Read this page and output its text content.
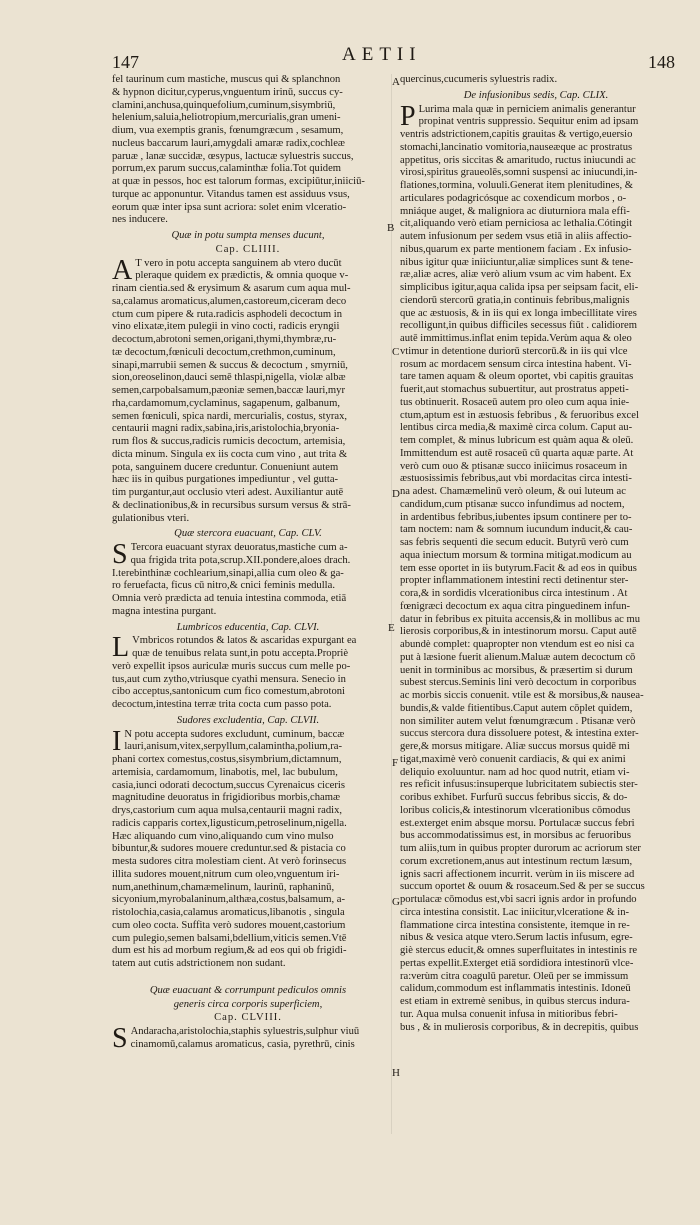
147	AETII	148
fel taurinum cum mastiche, muscus qui & splanchnon
& hypnon dicitur,cyperus,vnguentum irinū, succus cy-
clamini,anchusa,quinquefolium,cuminum,sisymbriū,
helenium,saluia,heliotropium,mercurialis,gran umeni-
dium, vua exemptis granis, fœnumgræcum , sesamum,
nucleus baccarum lauri,amygdali amaræ radix,cochleæ
paruæ , lanæ succidæ, œsypus, lactucæ syluestris succus,
porrum,ex parum succus,calaminthæ folia.Tot quidem
at quæ in pessos, hoc est talorum formas, excipiūtur,iniiciū-
turque ac apponuntur. Vitandus tamen est assiduus vsus,
eorum quæ inter ipsa sunt acriora: solet enim vlceratio-
nes inducere.
Quæ in potu sumpta menses ducunt,
Cap. CLIIII.
A T vero in potu accepta sanguinem ab vtero ducūt
pleraque quidem ex prædictis, & omnia quoque v-
rinam cientia.sed & erysimum & asarum cum aqua mul-
sa,calamus aromaticus,alumen,castoreum,ciceram deco
ctum cum pipere & ruta.radicis asphodeli decoctum in
vino elixatæ,item pulegii in vino cocti, radicis eryngii
decoctum,abrotoni semen,origani,thymi,thymbræ,ru-
tæ decoctum,fœniculi decoctum,crethmon,cuminum,
sinapi,marrubii semen & succus & decoctum , smyrniū,
sion,oreoselinon,dauci semē thlaspi,nigella, violæ albæ
semen,carpobalsamum,pæoniæ semen,baccæ lauri,myr
rha,cardamomum,cyclaminus, sagapenum, galbanum,
semen fœniculi, spica nardi, mercurialis, costus, styrax,
centaurii magni radix,sabina,iris,aristolochia,bryonia-
rum flos & succus,radicis rumicis decoctum, artemisia,
dicta minum. Singula ex iis cocta cum vino , aut trita &
pota, sanguinem ducere creduntur. Conueniunt autem
hæc iis in quibus purgationes impediuntur , vel gutta-
tim purgantur,aut occlusio vteri adest. Auxiliantur autē
& declinationibus,& in recursibus sursum versus & strā-
gulationibus vteri.
Quæ stercora euacuant, Cap. CLV.
S Tercora euacuant styrax deuoratus,mastiche cum a-
qua frigida trita pota,scrup.XII.pondere,aloes drach.
I.terebinthinæ cochlearium,sinapi,allia cum oleo & ga-
ro feruefacta, ficus cū nitro,& cnici feminis medulla.
Omnia verò prædicta ad tenuia intestina commoda, etiā
magna intestina purgant.
Lumbricos educentia, Cap. CLVI.
L Vmbricos rotundos & latos & ascaridas expurgant ea
quæ de tenuibus relata sunt,in potu accepta.Propriè
verò expellit ipsos auriculæ muris succus cum melle po-
tus,aut cum zytho,vtriusque cyathi mensura. Senecio in
cibo acceptus,santonicum cum fico comestum,abrotoni
decoctum,intestina terræ trita cocta cum passo pota.
Sudores excludentia, Cap. CLVII.
I N potu accepta sudores excludunt, cuminum, baccæ
lauri,anisum,vitex,serpyllum,calamintha,polium,ra-
phani cortex comestus,costus,sisymbrium,dictamnum,
artemisia, cardamomum, linabotis, mel, lac bubulum,
casia,iunci odorati decoctum,succus Cyrenaicus ciceris
magnitudine deuoratus in frigidioribus morbis,chamæ
drys,castorium cum aqua mulsa,centaurii magni radix,
radicis capparis cortex,ligusticum,petroselinum,nigella.
Hæc aliquando cum vino,aliquando cum vino mulso
bibuntur,& sudores mouere creduntur.sed & pistacia co
mesta sudores citra molestiam cient. At verò forinsecus
illita sudores mouent,nitrum cum oleo,vnguentum iri-
num,anethinum,chamæmelinum, laurinū, raphaninū,
sicyonium,myrobalaninum,althæa,costus,balsamum, a-
ristolochia,casia,calamus aromaticus,libanotis , singula
cum oleo cocta. Suffita verò sudores mouent,castorium
cum pulegio,semen balsami,bdellium,viticis semen.Vtē
dum est his ad morbum regium,& ad eos qui ob frigidi-
tatem aut cutis adstrictionem non sudant.
Quæ euacuant & corrumpunt pediculos omnis
generis circa corporis superficiem,
Cap. CLVIII.
S Andaracha,aristolochia,staphis syluestris,sulphur viuū
cinamomū,calamus aromaticus, casia, pyrethrū, cinis
quercinus,cucumeris syluestris radix.
De infusionibus sedis, Cap. CLIX.
P Lurima mala quæ in perniciem animalis generantur
propinat ventris suppressio. Sequitur enim ad ipsam
ventris adstrictionem,capitis grauitas & vertigo,euersio
stomachi,lancinatio vomitoria,nauseæque ac prostratus
appetitus, oris siccitas & amaritudo, ructus iniucundi ac
virosi,spiritus graueolēs,somni suspensi ac iniucundi,in-
flationes,tormina, voluuli.Generat item plenitudines, &
articulares podagricósque ac coxendicum morbos , o-
mniáque auget, & maligniora ac diuturniora mala effi-
cit,aliquando verò etiam perniciosa ac lethalia.Cótingit
autem infusionum per sedem vsus etiā in aliis affectio-
nibus,quarum ex parte mentionem faciam . Ex infusio-
nibus igitur quæ iniiciuntur,aliæ simplices sunt & tene-
ræ,aliæ acres, aliæ verò alium vsum ac vim habent. Ex
simplicibus igitur,aqua calida ipsa per seipsam facit, eli-
ciendorū stercorū gratia,in continuis febribus,malignis
que ac æstuosis, & in iis qui ex longa imbecillitate vires
recolligunt,in quibus difficiles secessus fiūt . calidiorem
autē immittimus.inflat enim tepida.Verùm aqua & oleo
vtimur in detentione duriorū stercorū.& in iis qui vlce
rosum ac mordacem sensum circa intestina habent. Vi-
tare tamen aquam & oleum oportet, vbi capitis grauitas
fuerit,aut stomachus subuertitur, aut prostratus appeti-
tus obtinuerit. Rosaceū autem pro oleo cum aqua inie-
ctum,aptum est in æstuosis febribus , & feruoribus excel
lentibus circa media,& maximè circa colum. Caput au-
tem complet, & minus lubricum est quàm aqua & oleū.
Immittendum est autē rosaceū cū quarta aquæ parte. At
verò cum ouo & ptisanæ succo iniicimus rosaceum in
æstuosissimis febribus,aut vbi mordacitas circa intesti-
na adest. Chamæmelinū verò oleum, & oui luteum ac
candidum,cum ptisanæ succo infundimus ad noctem,
in ardentibus febribus,iubentes ipsum continere per to-
tam noctem: nam & somnum iucundum inducit,& cau-
sas febris sequenti die secum educit. Butyrū verò cum
aqua iniectum morsum & tormina mitigat.modicum au
tem esse oportet in iis butyrum.Facit & ad eos in quibus
propter inflammationem intestini recti detinentur ster-
cora,& in sordidis vlcerationibus circa intestinum . At
fœnigræci decoctum ex aqua citra pinguedinem infun-
datur in febribus ex pituita accensis,& in mollibus ac mu
lierosis corporibus,& in intestinorum morsu. Caput autē
abundè complet: quapropter non vtendum est eo nisi ca
put à læsione fuerit alienum.Maluæ autem decoctum cō
uenit in torminibus ac morsibus, & præsertim si durum
subest stercus.Seminis lini verò decoctum in corporibus
ac morbis siccis conuenit. vtile est & morsibus,& nausea-
bundis,& valde fitientibus.Caput autem cōplet quidem,
non similiter autem velut fœnumgræcum . Ptisanæ verò
succus stercora dura dissoluere potest, & intestina exter-
gere,& morsus mitigare. Aliæ succus morsus quidē mi
tigat,maximè verò conuenit cardiacis, & qui ex animi
deliquio exoluuntur. nam ad hoc quod nutrit, etiam vi-
res reficit infusus:insuperque lubricitatem subiectis ster-
coribus exhibet. Furfurū succus febribus siccis, & do-
loribus colicis,& intestinorum vlcerationibus cōmodus
est.exterget enim absque morsu. Portulacæ succus febri
bus accommodatissimus est, in morsibus ac feruoribus
tum aliis,tum in quibus propter durorum ac acriorum ster
corum excretionem,anus aut intestinum rectum læsum,
ignis sacri affectionem incurrit. verùm in iis miscere ad
succum oportet & ouum & rosaceum.Sed & per se succus
portulacæ cōmodus est,vbi sacri ignis ardor in profundo
circa intestina consistit. Lac iniicitur,vlceratione & in-
flammatione circa intestina consistente, itemque in re-
nibus & vesica atque vtero.Serum lactis infusum, egre-
giè stercus educit,& omnes superfluitates in intestinis re
pertas expellit.Exterget etiā sordidiora intestinorū vlce-
ra:verùm citra coagulū paretur. Oleū per se immissum
calidum,commodum est inflammatis intestinis. Idoneū
est etiam in extremè senibus, in quibus stercus indura-
tur. Aqua mulsa conuenit infusa in mitioribus febri-
bus , & in mulierosis corporibus, & in decrepitis, quibus
A
B
C
D
E
F
G
H
